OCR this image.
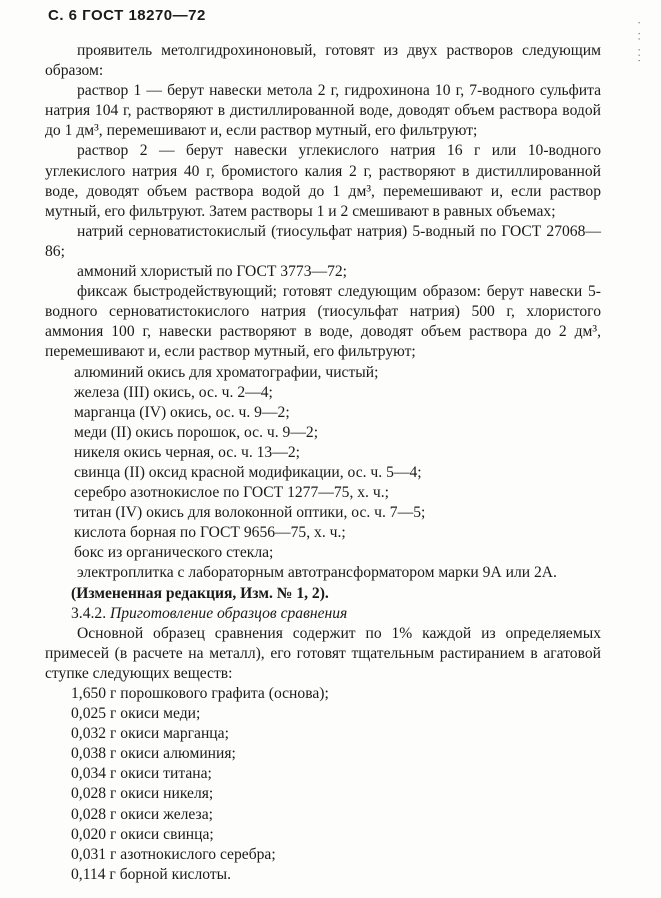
С. 6 ГОСТ 18270—72
· ·· ···

проявитель метолгидрохиноновый, готовят из двух растворов следующим образом:

раствор 1 — берут навески метола 2 г, гидрохинона 10 г, 7-водного сульфита натрия 104 г, растворяют в дистиллированной воде, доводят объем раствора водой до 1 дм³, перемешивают и, если раствор мутный, его фильтруют;

раствор 2 — берут навески углекислого натрия 16 г или 10-водного углекислого натрия 40 г, бромистого калия 2 г, растворяют в дистиллированной воде, доводят объем раствора водой до 1 дм³, перемешивают и, если раствор мутный, его фильтруют. Затем растворы 1 и 2 смешивают в равных объемах;

натрий серноватистокислый (тиосульфат натрия) 5-водный по ГОСТ 27068—86;

аммоний хлористый по ГОСТ 3773—72;

фиксаж быстродействующий; готовят следующим образом: берут навески 5-водного серноватистокислого натрия (тиосульфат натрия) 500 г, хлористого аммония 100 г, навески растворяют в воде, доводят объем раствора до 2 дм³, перемешивают и, если раствор мутный, его фильтруют;

алюминий окись для хроматографии, чистый;

железа (III) окись, ос. ч. 2—4;

марганца (IV) окись, ос. ч. 9—2;

меди (II) окись порошок, ос. ч. 9—2;

никеля окись черная, ос. ч. 13—2;

свинца (II) оксид красной модификации, ос. ч. 5—4;

серебро азотнокислое по ГОСТ 1277—75, х. ч.;

титан (IV) окись для волоконной оптики, ос. ч. 7—5;

кислота борная по ГОСТ 9656—75, х. ч.;

бокс из органического стекла;

электроплитка с лабораторным автотрансформатором марки 9А или 2А.

(Измененная редакция, Изм. № 1, 2).

3.4.2. Приготовление образцов сравнения

Основной образец сравнения содержит по 1% каждой из определяемых примесей (в расчете на металл), его готовят тщательным растиранием в агатовой ступке следующих веществ:

1,650 г порошкового графита (основа);
0,025 г окиси меди;
0,032 г окиси марганца;
0,038 г окиси алюминия;
0,034 г окиси титана;
0,028 г окиси никеля;
0,028 г окиси железа;
0,020 г окиси свинца;
0,031 г азотнокислого серебра;
0,114 г борной кислоты.
